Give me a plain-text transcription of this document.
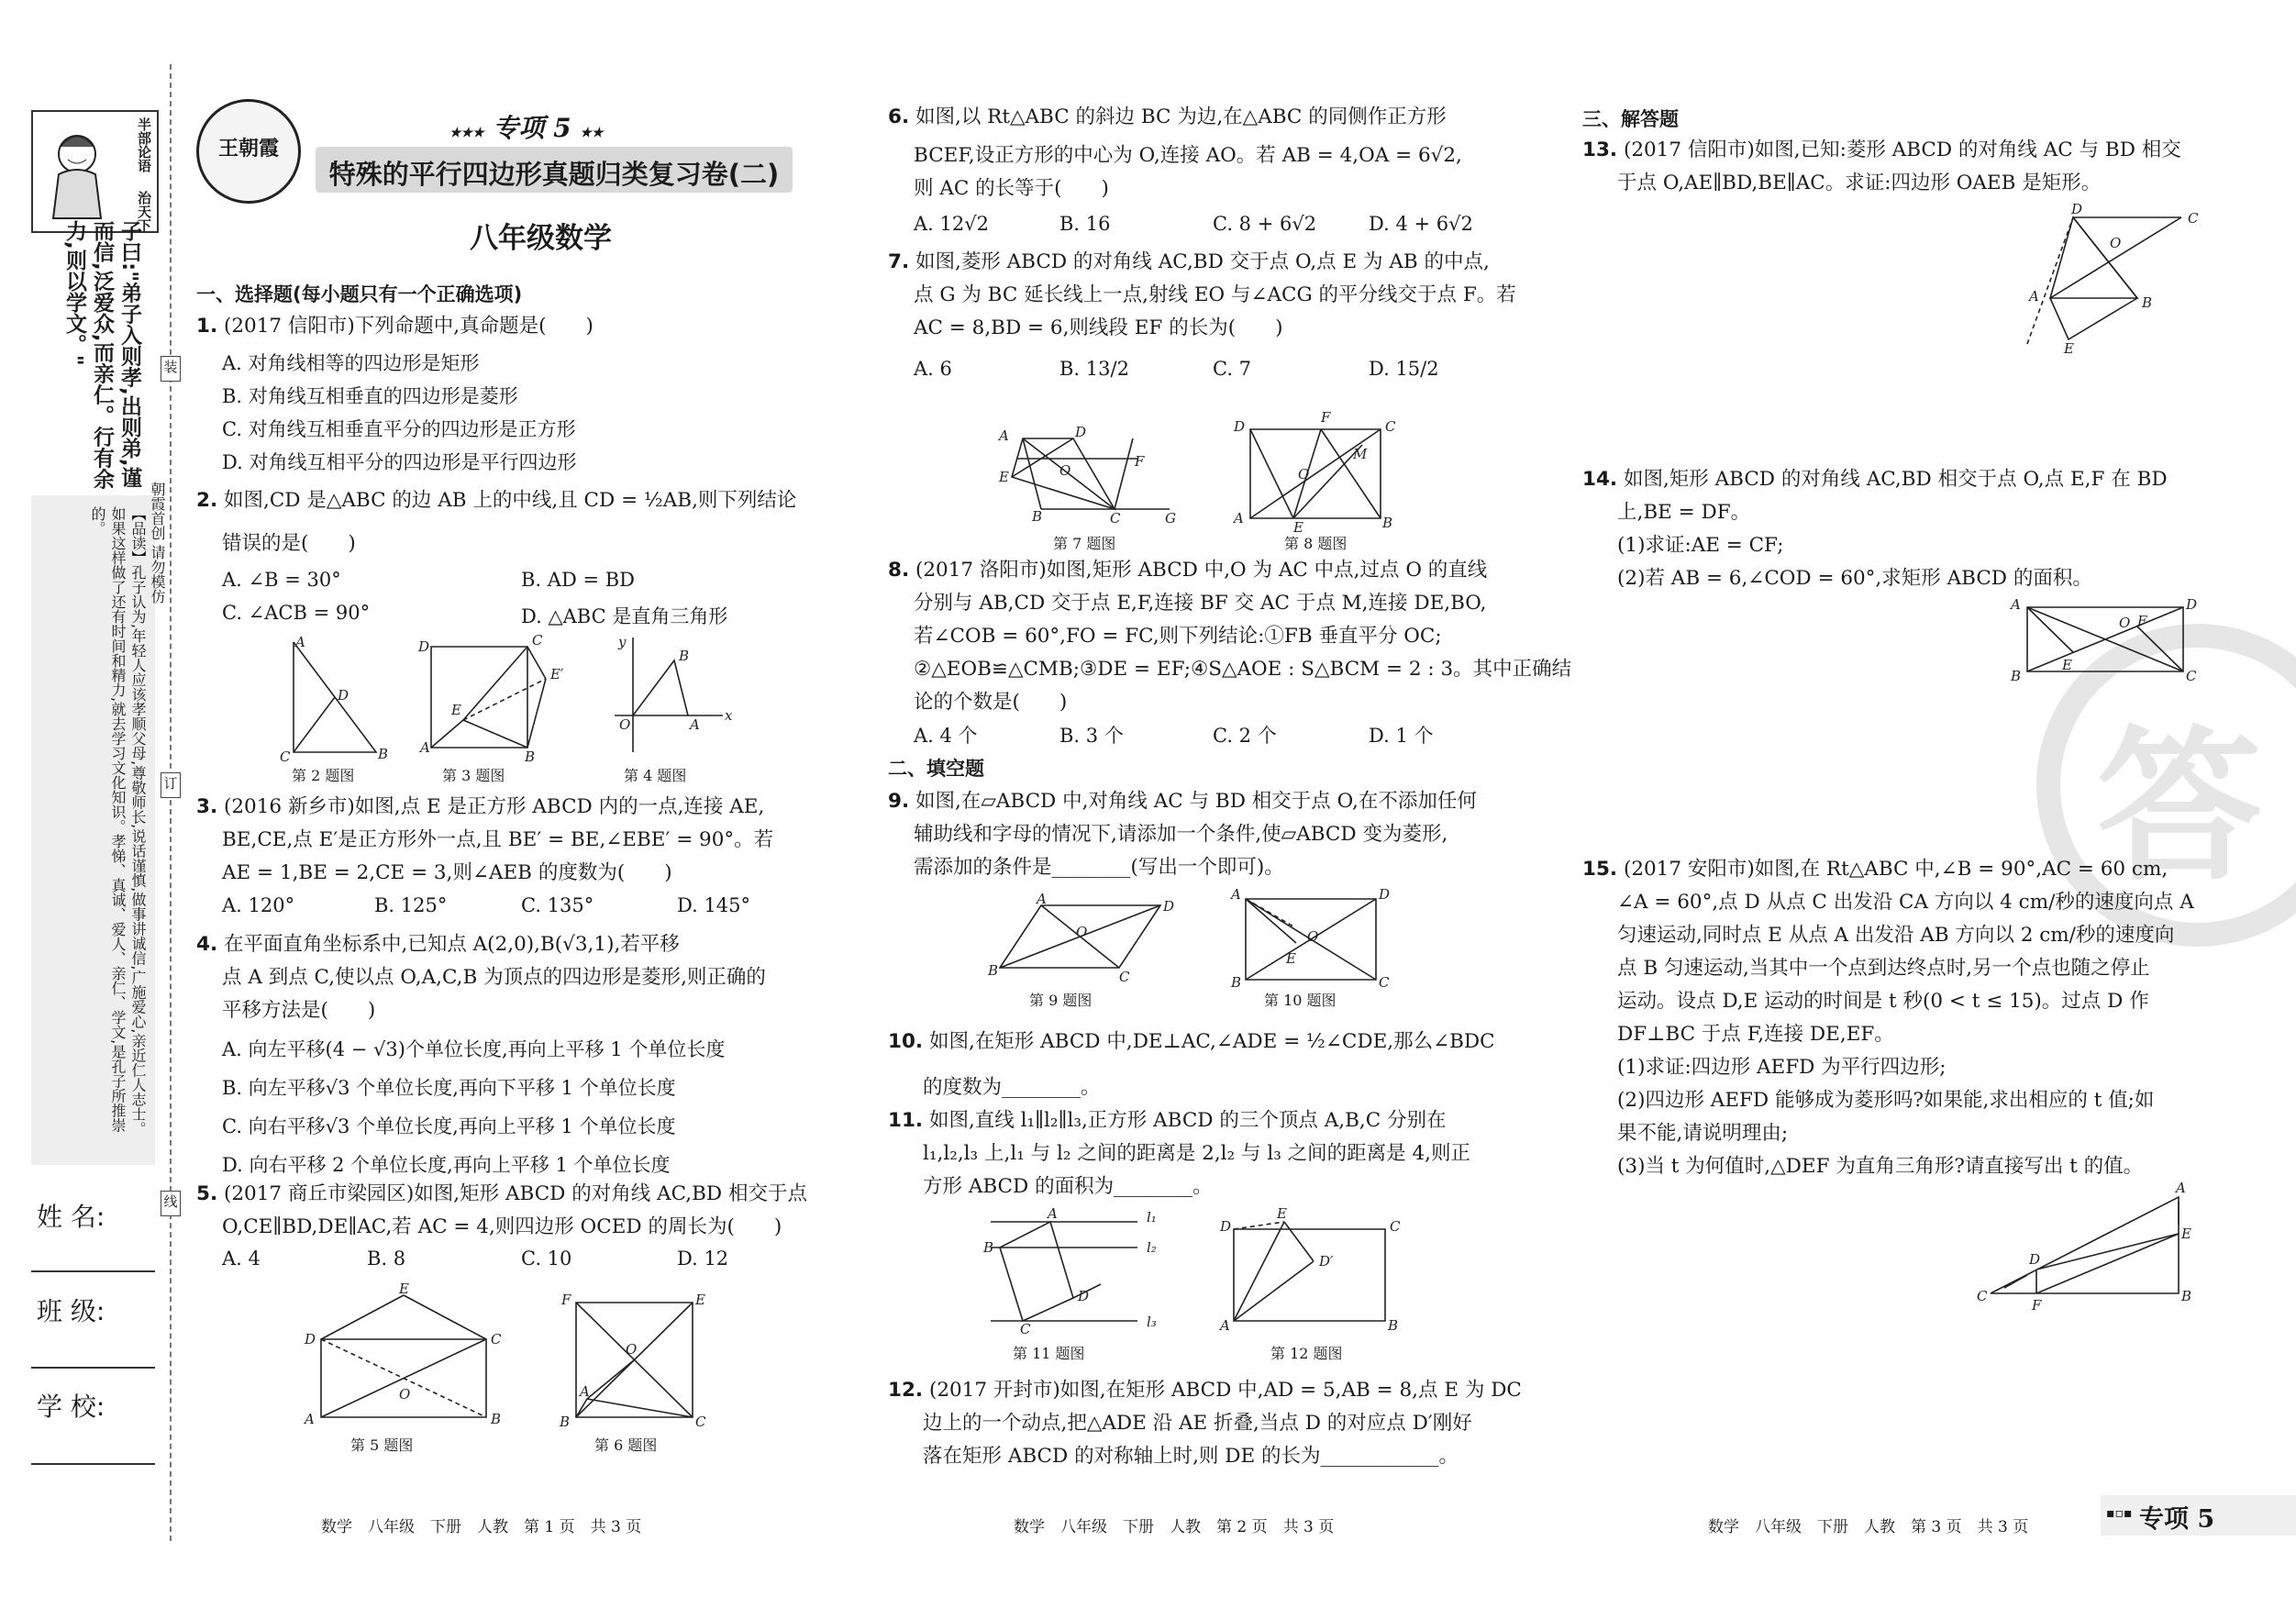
半部论语
治天下
子曰:"弟子入则孝,出则弟,谨而信,泛爱众,而亲仁。行有余力,则以学文。"
【品读】孔子认为,年轻人应该孝顺父母,尊敬师长,说话谨慎,做事讲诚信,广施爱心,亲近仁人志士。如果这样做了还有时间和精力,就去学习文化知识。孝悌、真诚、爱人、亲仁、学文,是孔子所推崇的。
装
订
线
朝霞首创 请勿模仿
姓 名:
班 级:
学 校:
王朝霞
★★★ 专项 5 ★★
特殊的平行四边形真题归类复习卷(二)
八年级数学
一、选择题(每小题只有一个正确选项)
1. (2017 信阳市)下列命题中,真命题是(　　)
A. 对角线相等的四边形是矩形
B. 对角线互相垂直的四边形是菱形
C. 对角线互相垂直平分的四边形是正方形
D. 对角线互相平分的四边形是平行四边形
2. 如图,CD 是△ABC 的边 AB 上的中线,且 CD = ½AB,则下列结论
错误的是(　　)
A. ∠B = 30°	B. AD = BD
C. ∠ACB = 90°	D. △ABC 是直角三角形
A
D
C	B
第 2 题图
D	C
E′
E
A
B
第 3 题图
y
x
O
B
A
第 4 题图
3. (2016 新乡市)如图,点 E 是正方形 ABCD 内的一点,连接 AE,
BE,CE,点 E′是正方形外一点,且 BE′ = BE,∠EBE′ = 90°。若
AE = 1,BE = 2,CE = 3,则∠AEB 的度数为(　　)
A. 120°	B. 125°	C. 135°	D. 145°
4. 在平面直角坐标系中,已知点 A(2,0),B(√3,1),若平移
点 A 到点 C,使以点 O,A,C,B 为顶点的四边形是菱形,则正确的
平移方法是(　　)
A. 向左平移(4 − √3)个单位长度,再向上平移 1 个单位长度
B. 向左平移√3 个单位长度,再向下平移 1 个单位长度
C. 向右平移√3 个单位长度,再向上平移 1 个单位长度
D. 向右平移 2 个单位长度,再向上平移 1 个单位长度
5. (2017 商丘市梁园区)如图,矩形 ABCD 的对角线 AC,BD 相交于点
O,CE∥BD,DE∥AC,若 AC = 4,则四边形 OCED 的周长为(　　)
A. 4	B. 8	C. 10	D. 12
E
D	C
O
A	B
第 5 题图
F	E
O
A
B	C
第 6 题图
数学　八年级　下册　人教　第 1 页　共 3 页
6. 如图,以 Rt△ABC 的斜边 BC 为边,在△ABC 的同侧作正方形
BCEF,设正方形的中心为 O,连接 AO。若 AB = 4,OA = 6√2,
则 AC 的长等于(　　)
A. 12√2	B. 16	C. 8 + 6√2	D. 4 + 6√2
7. 如图,菱形 ABCD 的对角线 AC,BD 交于点 O,点 E 为 AB 的中点,
点 G 为 BC 延长线上一点,射线 EO 与∠ACG 的平分线交于点 F。若
AC = 8,BD = 6,则线段 EF 的长为(　　)
A. 6	B. 13/2	C. 7	D. 15/2
A	D
O
E
B	C	G
F
第 7 题图
D
F
C
O
M
A
E	B
第 8 题图
8. (2017 洛阳市)如图,矩形 ABCD 中,O 为 AC 中点,过点 O 的直线
分别与 AB,CD 交于点 E,F,连接 BF 交 AC 于点 M,连接 DE,BO,
若∠COB = 60°,FO = FC,则下列结论:①FB 垂直平分 OC;
②△EOB≌△CMB;③DE = EF;④S△AOE : S△BCM = 2 : 3。其中正确结
论的个数是(　　)
A. 4 个	B. 3 个	C. 2 个	D. 1 个
二、填空题
9. 如图,在▱ABCD 中,对角线 AC 与 BD 相交于点 O,在不添加任何
辅助线和字母的情况下,请添加一个条件,使▱ABCD 变为菱形,
需添加的条件是________(写出一个即可)。
A	D
O
B	C
第 9 题图
A	D
O
E
B	C
第 10 题图
10. 如图,在矩形 ABCD 中,DE⊥AC,∠ADE = ½∠CDE,那么∠BDC
的度数为________。
11. 如图,直线 l₁∥l₂∥l₃,正方形 ABCD 的三个顶点 A,B,C 分别在
l₁,l₂,l₃ 上,l₁ 与 l₂ 之间的距离是 2,l₂ 与 l₃ 之间的距离是 4,则正
方形 ABCD 的面积为________。
l₁
l₂
l₃
A
B
C
D
第 11 题图
E
D	C
D′
A	B
第 12 题图
12. (2017 开封市)如图,在矩形 ABCD 中,AD = 5,AB = 8,点 E 为 DC
边上的一个动点,把△ADE 沿 AE 折叠,当点 D 的对应点 D′刚好
落在矩形 ABCD 的对称轴上时,则 DE 的长为____________。
数学　八年级　下册　人教　第 2 页　共 3 页
答
三、解答题
13. (2017 信阳市)如图,已知:菱形 ABCD 的对角线 AC 与 BD 相交
于点 O,AE∥BD,BE∥AC。求证:四边形 OAEB 是矩形。
D
C
O
A	B
E
14. 如图,矩形 ABCD 的对角线 AC,BD 相交于点 O,点 E,F 在 BD
上,BE = DF。
(1)求证:AE = CF;
(2)若 AB = 6,∠COD = 60°,求矩形 ABCD 的面积。
A	D
O F
E
B	C
15. (2017 安阳市)如图,在 Rt△ABC 中,∠B = 90°,AC = 60 cm,
∠A = 60°,点 D 从点 C 出发沿 CA 方向以 4 cm/秒的速度向点 A
匀速运动,同时点 E 从点 A 出发沿 AB 方向以 2 cm/秒的速度向
点 B 匀速运动,当其中一个点到达终点时,另一个点也随之停止
运动。设点 D,E 运动的时间是 t 秒(0 < t ≤ 15)。过点 D 作
DF⊥BC 于点 F,连接 DE,EF。
(1)求证:四边形 AEFD 为平行四边形;
(2)四边形 AEFD 能够成为菱形吗?如果能,求出相应的 t 值;如
果不能,请说明理由;
(3)当 t 为何值时,△DEF 为直角三角形?请直接写出 t 的值。
A
E
D
C
F
B
数学　八年级　下册　人教　第 3 页　共 3 页
▪▫▪ 专项 5
